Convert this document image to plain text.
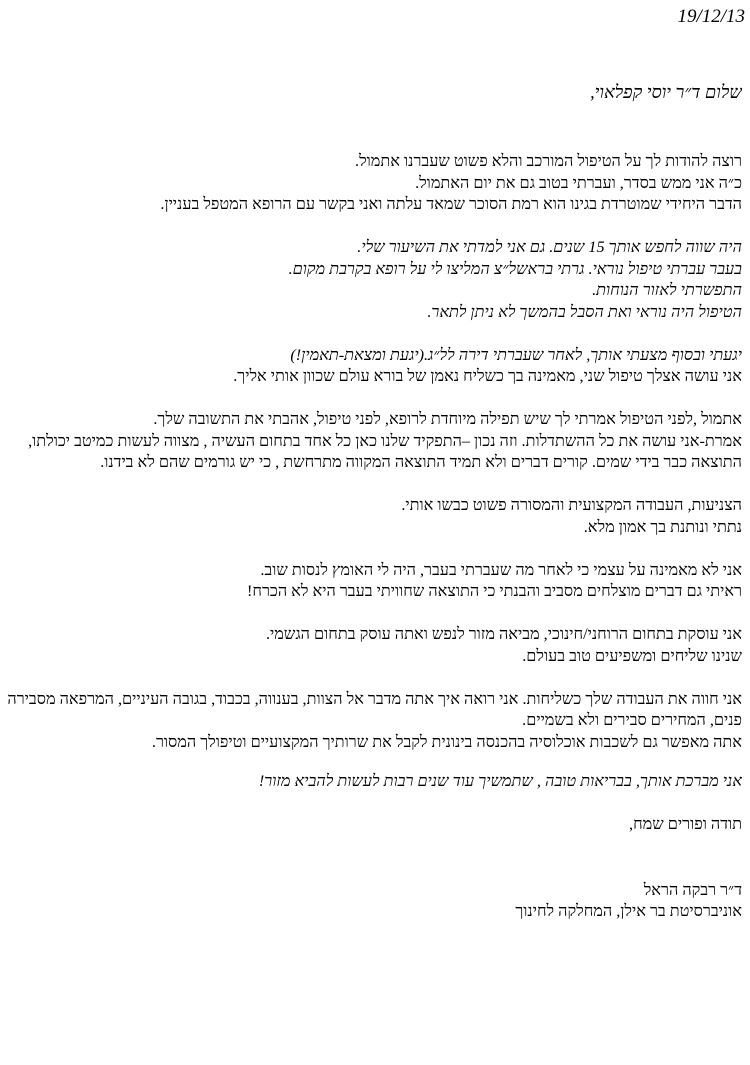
19/12/13
שלום ד״ר יוסי קפלאוי,
רוצה להודות לך על הטיפול המורכב והלא פשוט שעברנו אתמול.
כ״ה אני ממש בסדר, ועברתי בטוב גם את יום האתמול.
הדבר היחידי שמוטרדת בגינו הוא רמת הסוכר שמאד עלתה ואני בקשר עם הרופא המטפל בעניין.
היה שווה לחפש אותך 15 שנים. גם אני למדתי את השיעור שלי.
בעבר עברתי טיפול נוראי. גרתי בראשל״צ המליצו לי על רופא בקרבת מקום.
התפשרתי לאזור הנוחות.
הטיפול היה נוראי ואת הסבל בהמשך לא ניתן לתאר.
יגעתי ובסוף מצעתי אותך, לאחר שעברתי דירה לל״ג.(יגעת ומצאת-תאמין!)
אני עושה אצלך טיפול שני, מאמינה בך כשליח נאמן של בורא עולם שכוון אותי אליך.
אתמול ,לפני הטיפול אמרתי לך שיש תפילה מיוחדת לרופא, לפני טיפול, אהבתי את התשובה שלך.
אמרת-אני עושה את כל ההשתדלות. וזה נכון –התפקיד שלנו כאן כל אחד בתחום העשיה , מצווה לעשות כמיטב יכולתו, התוצאה כבר בידי שמים. קורים דברים ולא תמיד התוצאה המקווה מתרחשת , כי יש גורמים שהם לא בידנו.
הצניעות, העבודה המקצועית והמסורה פשוט כבשו אותי.
נתתי ונותנת בך אמון מלא.
אני לא מאמינה על עצמי כי לאחר מה שעברתי בעבר, היה לי האומץ לנסות שוב.
ראיתי גם דברים מוצלחים מסביב והבנתי כי התוצאה שחוויתי בעבר היא לא הכרח!
אני עוסקת בתחום הרוחני/חינוכי, מביאה מזור לנפש ואתה עוסק בתחום הגשמי.
שנינו שליחים ומשפיעים טוב בעולם.
אני חווה את העבודה שלך כשליחות. אני רואה איך אתה מדבר אל הצוות, בענווה, בכבוד, בגובה העיניים, המרפאה מסבירה פנים, המחירים סבירים ולא בשמיים.
אתה מאפשר גם לשכבות אוכלוסיה בהכנסה בינונית לקבל את שרותיך המקצועיים וטיפולך המסור.
אני מברכת אותך, בבריאות טובה , שתמשיך עוד שנים רבות לעשות להביא מזור!
תודה ופורים שמח,
ד״ר רבקה הראל
אוניברסיטת בר אילן, המחלקה לחינוך
